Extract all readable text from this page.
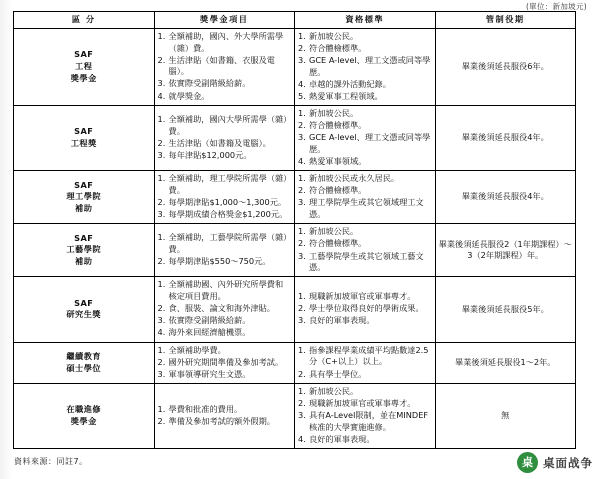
(單位：新加坡元)
區 分	獎學金項目	資格標準	管制役期

SAF
工程
獎學金

1. 全額補助，國內、外大學所需學（雜）費。
2. 生活津貼（如書籍、衣服及電腦）。
3. 依實際受副階級給薪。
4. 就學獎金。

1. 新加坡公民。
2. 符合體檢標準。
3. GCE A-level、理工文憑或同等學歷。
4. 卓越的課外活動紀錄。
5. 熱愛軍事工程領域。
	畢業後須延長服役6年。

SAF
工程獎

1. 全額補助，國內大學所需學（雜）費。
2. 生活津貼（如書籍及電腦）。
3. 每年津貼$12,000元。

1. 新加坡公民。
2. 符合體檢標準。
3. GCE A-level、理工文憑或同等學歷。
4. 熱愛軍事領域。
	畢業後須延長服役4年。

SAF
理工學院
補助

1. 全額補助，理工學院所需學（雜）費。
2. 每學期津貼$1,000～1,300元。
3. 每學期成績合格獎金$1,200元。

1. 新加坡公民或永久居民。
2. 符合體檢標準。
3. 理工學院學生或其它領域理工文憑。
	畢業後須延長服役4年。

SAF
工藝學院
補助

1. 全額補助，工藝學院所需學（雜）費。
2. 每學期津貼$550～750元。

1. 新加坡公民。
2. 符合體檢標準。
3. 工藝學院學生或其它領域工藝文憑。
	畢業後須延長服役2（1年期課程）～3（2年期課程）年。

SAF
研究生獎

1. 全額補助國、內外研究所學費和核定項目費用。
2. 食、服裝、論文和海外津貼。
3. 依實際受副階級給薪。
4. 海外來回經濟艙機票。

1. 現職新加坡軍官或軍事專才。
2. 學士學位取得良好的學術成果。
3. 良好的軍事表現。
	畢業後須延長服役5年。

繼續教育
碩士學位

1. 全額補助學費。
2. 國外研究期間準備及參加考試。
3. 軍事領導研究生文憑。

1. 指參課程學業成績平均點數達2.5分（C+以上）以上。
2. 具有學士學位。
	畢業後須延長服役1～2年。

在職進修
獎學金

1. 學費和批准的費用。
2. 準備及參加考試的額外假期。

1. 新加坡公民。
2. 現職新加坡軍官或軍事專才。
3. 具有A-Level限制，並在MINDEF核准的大學實施進修。
4. 良好的軍事表現。
	無
資料來源：同註7。	桌 桌面战争
